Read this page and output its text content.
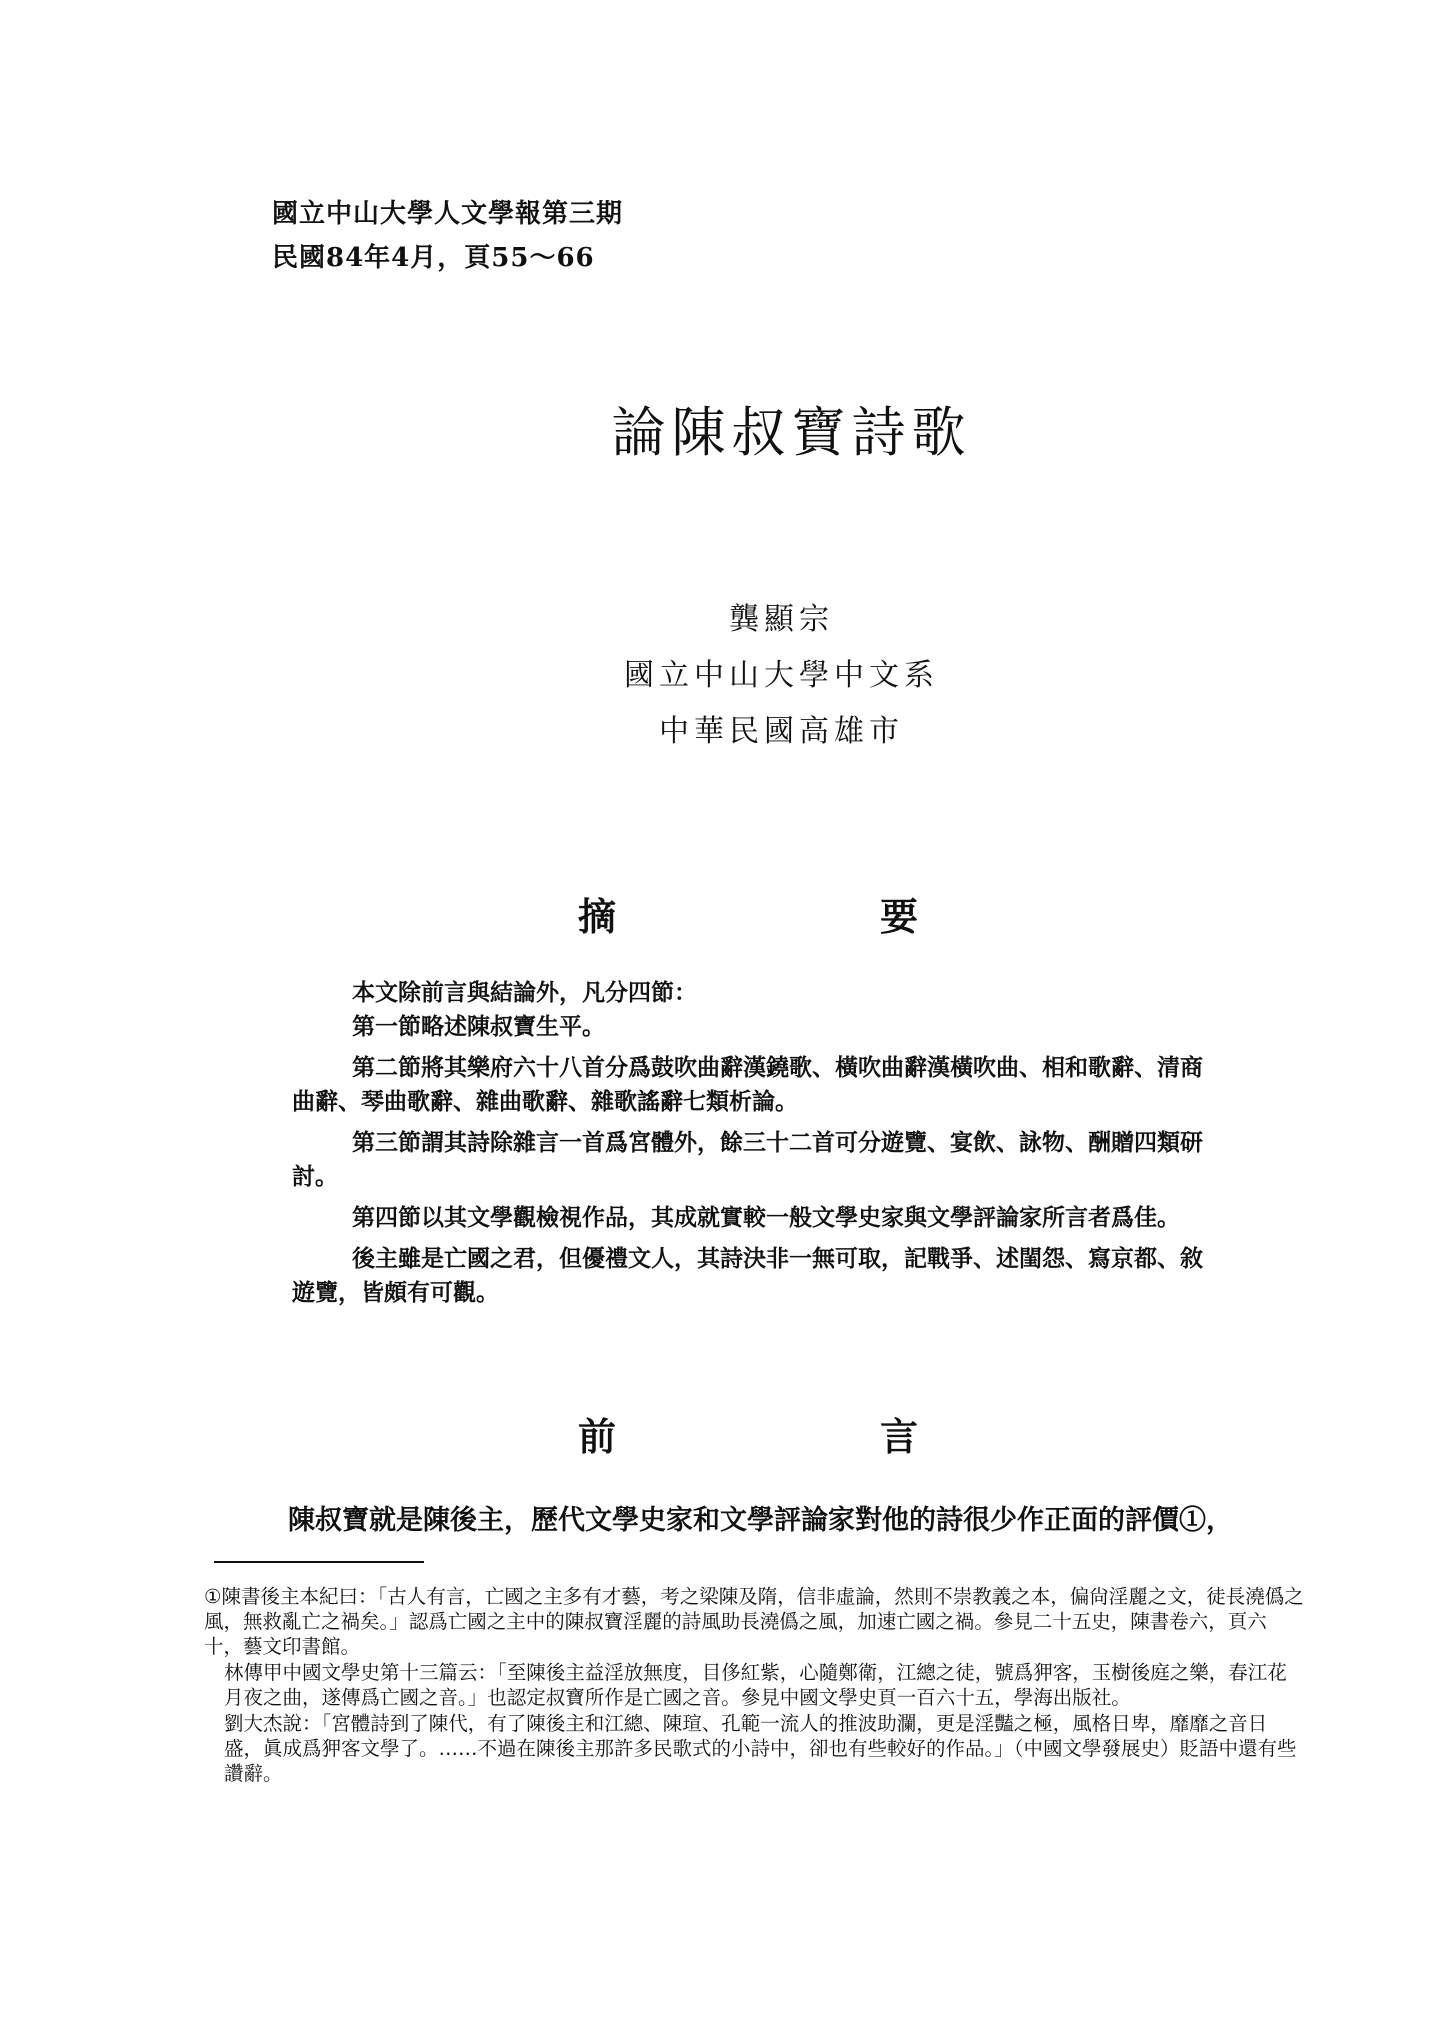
國立中山大學人文學報第三期
民國84年4月，頁55～66
論陳叔寶詩歌
龔顯宗
國立中山大學中文系
中華民國高雄市
摘	要

本文除前言與結論外，凡分四節：

第一節略述陳叔寶生平。

第二節將其樂府六十八首分爲鼓吹曲辭漢鐃歌、橫吹曲辭漢橫吹曲、相和歌辭、清商曲辭、琴曲歌辭、雜曲歌辭、雜歌謠辭七類析論。

第三節謂其詩除雜言一首爲宮體外，餘三十二首可分遊覽、宴飲、詠物、酬贈四類研討。

第四節以其文學觀檢視作品，其成就實較一般文學史家與文學評論家所言者爲佳。

後主雖是亡國之君，但優禮文人，其詩決非一無可取，記戰爭、述閨怨、寫京都、敘遊覽，皆頗有可觀。

前	言
陳叔寶就是陳後主，歷代文學史家和文學評論家對他的詩很少作正面的評價①，

①陳書後主本紀曰：「古人有言，亡國之主多有才藝，考之梁陳及隋，信非虛論，然則不崇教義之本，偏尙淫麗之文，徒長澆僞之風，無救亂亡之禍矣。」認爲亡國之主中的陳叔寶淫麗的詩風助長澆僞之風，加速亡國之禍。參見二十五史，陳書卷六，頁六十，藝文印書館。

林傳甲中國文學史第十三篇云：「至陳後主益淫放無度，目侈紅紫，心隨鄭衛，江總之徒，號爲狎客，玉樹後庭之樂，春江花月夜之曲，遂傳爲亡國之音。」也認定叔寶所作是亡國之音。參見中國文學史頁一百六十五，學海出版社。

劉大杰說：「宮體詩到了陳代，有了陳後主和江總、陳瑄、孔範一流人的推波助瀾，更是淫豔之極，風格日卑，靡靡之音日盛，眞成爲狎客文學了。……不過在陳後主那許多民歌式的小詩中，卻也有些較好的作品。」（中國文學發展史）貶語中還有些讚辭。
